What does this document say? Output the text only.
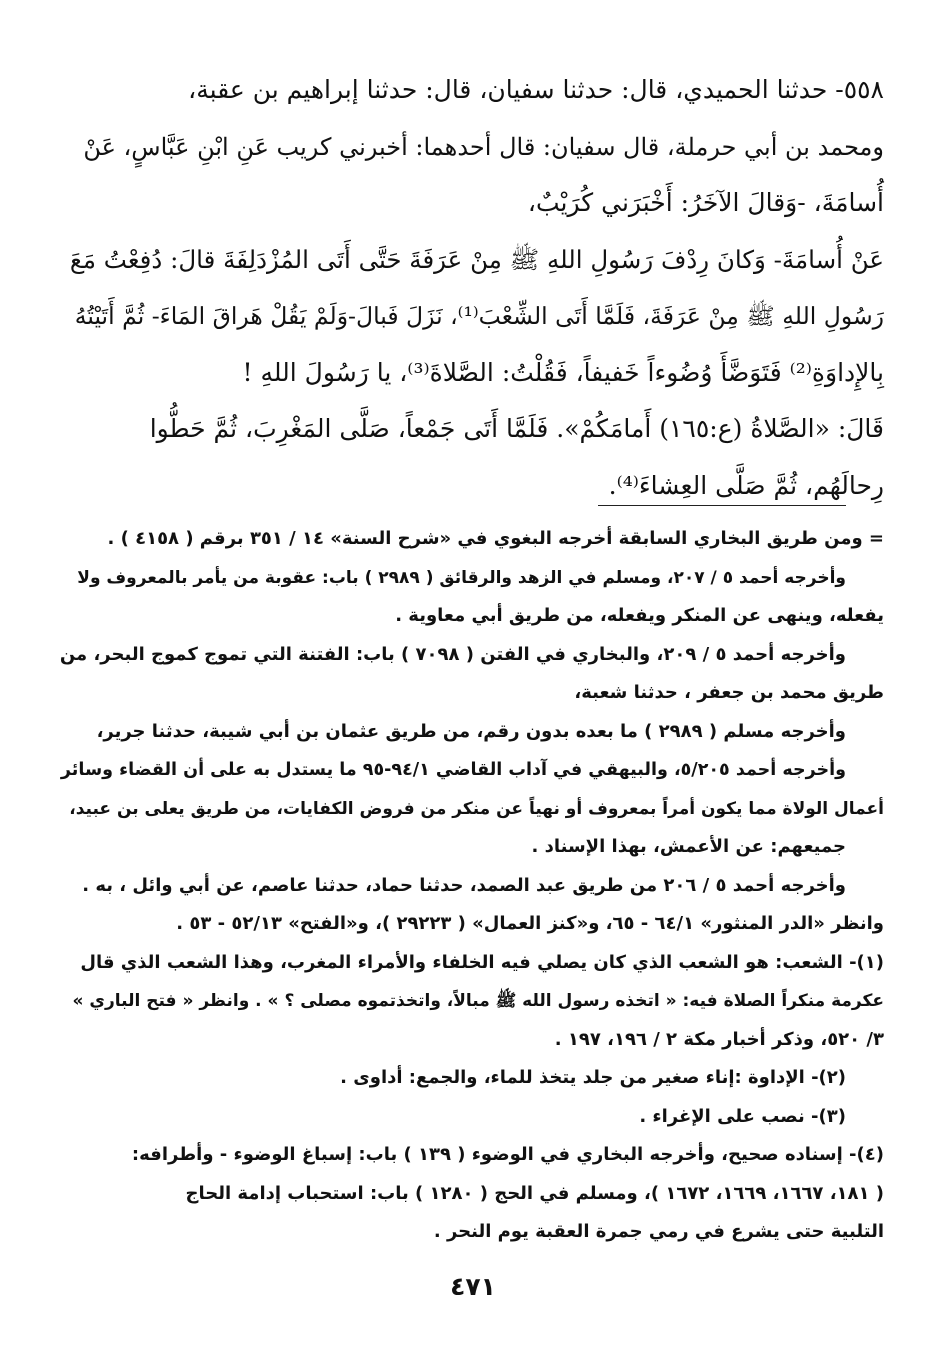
٥٥٨- حدثنا الحميدي، قال: حدثنا سفيان، قال: حدثنا إبراهيم بن عقبة،

ومحمد بن أبي حرملة، قال سفيان: قال أحدهما: أخبرني كريب عَنِ ابْنِ عَبَّاسٍ، عَنْ

أُسامَةَ، -وَقالَ الآخَرُ: أَخْبَرَني كُرَيْبٌ،

عَنْ أُسامَةَ- وَكانَ رِدْفَ رَسُولِ اللهِ ﷺ مِنْ عَرَفَةَ حَتَّى أَتَى المُزْدَلِفَةَ قالَ: دُفِعْتُ مَعَ

رَسُولِ اللهِ ﷺ مِنْ عَرَفَةَ، فَلَمَّا أَتَى الشِّعْبَ⁽¹⁾، نَزَلَ فَبالَ-وَلَمْ يَقُلْ هَراقَ المَاءَ- ثُمَّ أَتَيْتُهُ

بِالإِداوَةِ⁽²⁾ فَتَوَضَّأَ وُضُوءاً خَفيفاً، فَقُلْتُ: الصَّلاةَ⁽³⁾، يا رَسُولَ اللهِ !

قَالَ: «الصَّلاةُ (ع:١٦٥) أَمامَكُمْ». فَلَمَّا أَتَى جَمْعاً، صَلَّى المَغْرِبَ، ثُمَّ حَطُّوا

رِحالَهُم، ثُمَّ صَلَّى العِشاءَ⁽⁴⁾.

= ومن طريق البخاري السابقة أخرجه البغوي في «شرح السنة» ١٤ / ٣٥١ برقم ( ٤١٥٨ ) .

وأخرجه أحمد ٥ / ٢٠٧، ومسلم في الزهد والرقائق ( ٢٩٨٩ ) باب: عقوبة من يأمر بالمعروف ولا

يفعله، وينهى عن المنكر ويفعله، من طريق أبي معاوية .

وأخرجه أحمد ٥ / ٢٠٩، والبخاري في الفتن ( ٧٠٩٨ ) باب: الفتنة التي تموج كموج البحر، من

طريق محمد بن جعفر ، حدثنا شعبة،

وأخرجه مسلم ( ٢٩٨٩ ) ما بعده بدون رقم، من طريق عثمان بن أبي شيبة، حدثنا جرير،

وأخرجه أحمد ٥/٢٠٥، والبيهقي في آداب القاضي ٩٤/١-٩٥ ما يستدل به على أن القضاء وسائر

أعمال الولاة مما يكون أمراً بمعروف أو نهياً عن منكر من فروض الكفايات، من طريق يعلى بن عبيد،

جميعهم: عن الأعمش، بهذا الإسناد .

وأخرجه أحمد ٥ / ٢٠٦ من طريق عبد الصمد، حدثنا حماد، حدثنا عاصم، عن أبي وائل ، به .

وانظر «الدر المنثور» ٦٤/١ - ٦٥، و«كنز العمال» ( ٢٩٢٢٣ )، و«الفتح» ٥٢/١٣ - ٥٣ .

(١)- الشعب: هو الشعب الذي كان يصلي فيه الخلفاء والأمراء المغرب، وهذا الشعب الذي قال

عكرمة منكراً الصلاة فيه: « اتخذه رسول الله ﷺ مبالاً، واتخذتموه مصلى ؟ » . وانظر « فتح الباري »

٣/ ٥٢٠، وذكر أخبار مكة ٢ / ١٩٦، ١٩٧ .

(٢)- الإداوة :إناء صغير من جلد يتخذ للماء، والجمع: أداوى .

(٣)- نصب على الإغراء .

(٤)- إسناده صحيح، وأخرجه البخاري في الوضوء ( ١٣٩ ) باب: إسباغ الوضوء - وأطرافه:

( ١٨١، ١٦٦٧، ١٦٦٩، ١٦٧٢ )، ومسلم في الحج ( ١٢٨٠ ) باب: استحباب إدامة الحاج

التلبية حتى يشرع في رمي جمرة العقبة يوم النحر .

٤٧١
